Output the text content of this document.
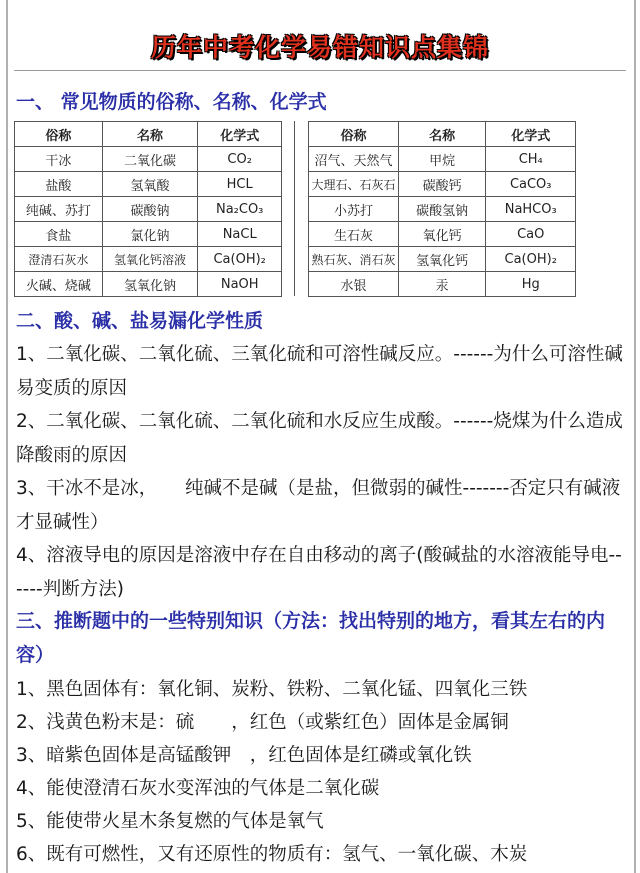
历年中考化学易错知识点集锦
一、 常见物质的俗称、名称、化学式
俗称	名称	化学式
干冰	二氧化碳	CO₂
盐酸	氢氧酸	HCL
纯碱、苏打	碳酸钠	Na₂CO₃
食盐	氯化钠	NaCL
澄清石灰水	氢氧化钙溶液	Ca(OH)₂
火碱、烧碱	氢氧化钠	NaOH
俗称	名称	化学式
沼气、天然气	甲烷	CH₄
大理石、石灰石	碳酸钙	CaCO₃
小苏打	碳酸氢钠	NaHCO₃
生石灰	氧化钙	CaO
熟石灰、消石灰	氢氧化钙	Ca(OH)₂
水银	汞	Hg
二、酸、碱、盐易漏化学性质
1、二氧化碳、二氧化硫、三氧化硫和可溶性碱反应。------为什么可溶性碱易变质的原因
2、二氧化碳、二氧化硫、二氧化硫和水反应生成酸。------烧煤为什么造成降酸雨的原因
3、干冰不是冰，　　纯碱不是碱（是盐，但微弱的碱性-------否定只有碱液才显碱性）
4、溶液导电的原因是溶液中存在自由移动的离子(酸碱盐的水溶液能导电------判断方法)
三、推断题中的一些特别知识（方法：找出特别的地方，看其左右的内容）
1、黑色固体有：氧化铜、炭粉、铁粉、二氧化锰、四氧化三铁
2、浅黄色粉末是：硫　　，红色（或紫红色）固体是金属铜
3、暗紫色固体是高锰酸钾　，红色固体是红磷或氧化铁
4、能使澄清石灰水变浑浊的气体是二氧化碳
5、能使带火星木条复燃的气体是氧气
6、既有可燃性，又有还原性的物质有：氢气、一氧化碳、木炭
